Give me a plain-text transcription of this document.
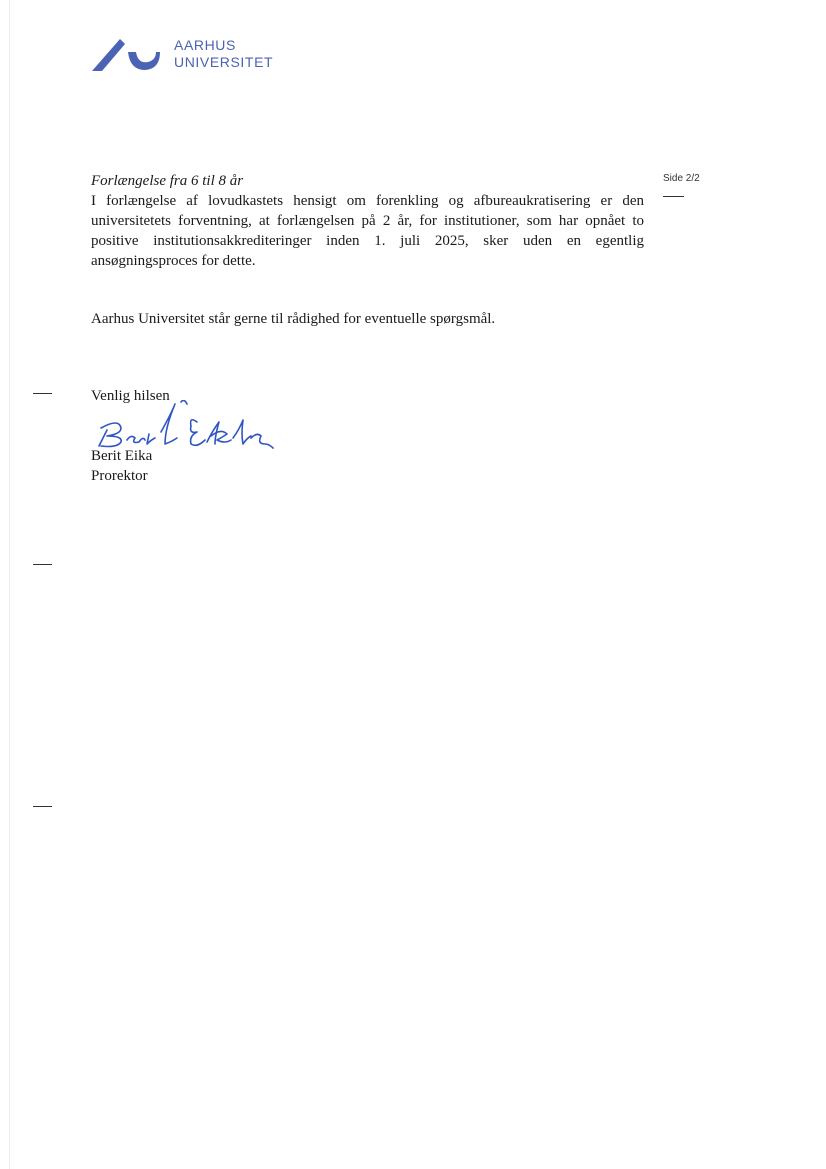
AARHUS
UNIVERSITET
Side 2/2

Forlængelse fra 6 til 8 år

I forlængelse af lovudkastets hensigt om forenkling og afbureaukratisering er den universitetets forventning, at forlængelsen på 2 år, for institutioner, som har opnået to positive institutionsakkrediteringer inden 1. juli 2025, sker uden en egentlig ansøgningsproces for dette.

Aarhus Universitet står gerne til rådighed for eventuelle spørgsmål.

Venlig hilsen

Berit Eika

Prorektor
